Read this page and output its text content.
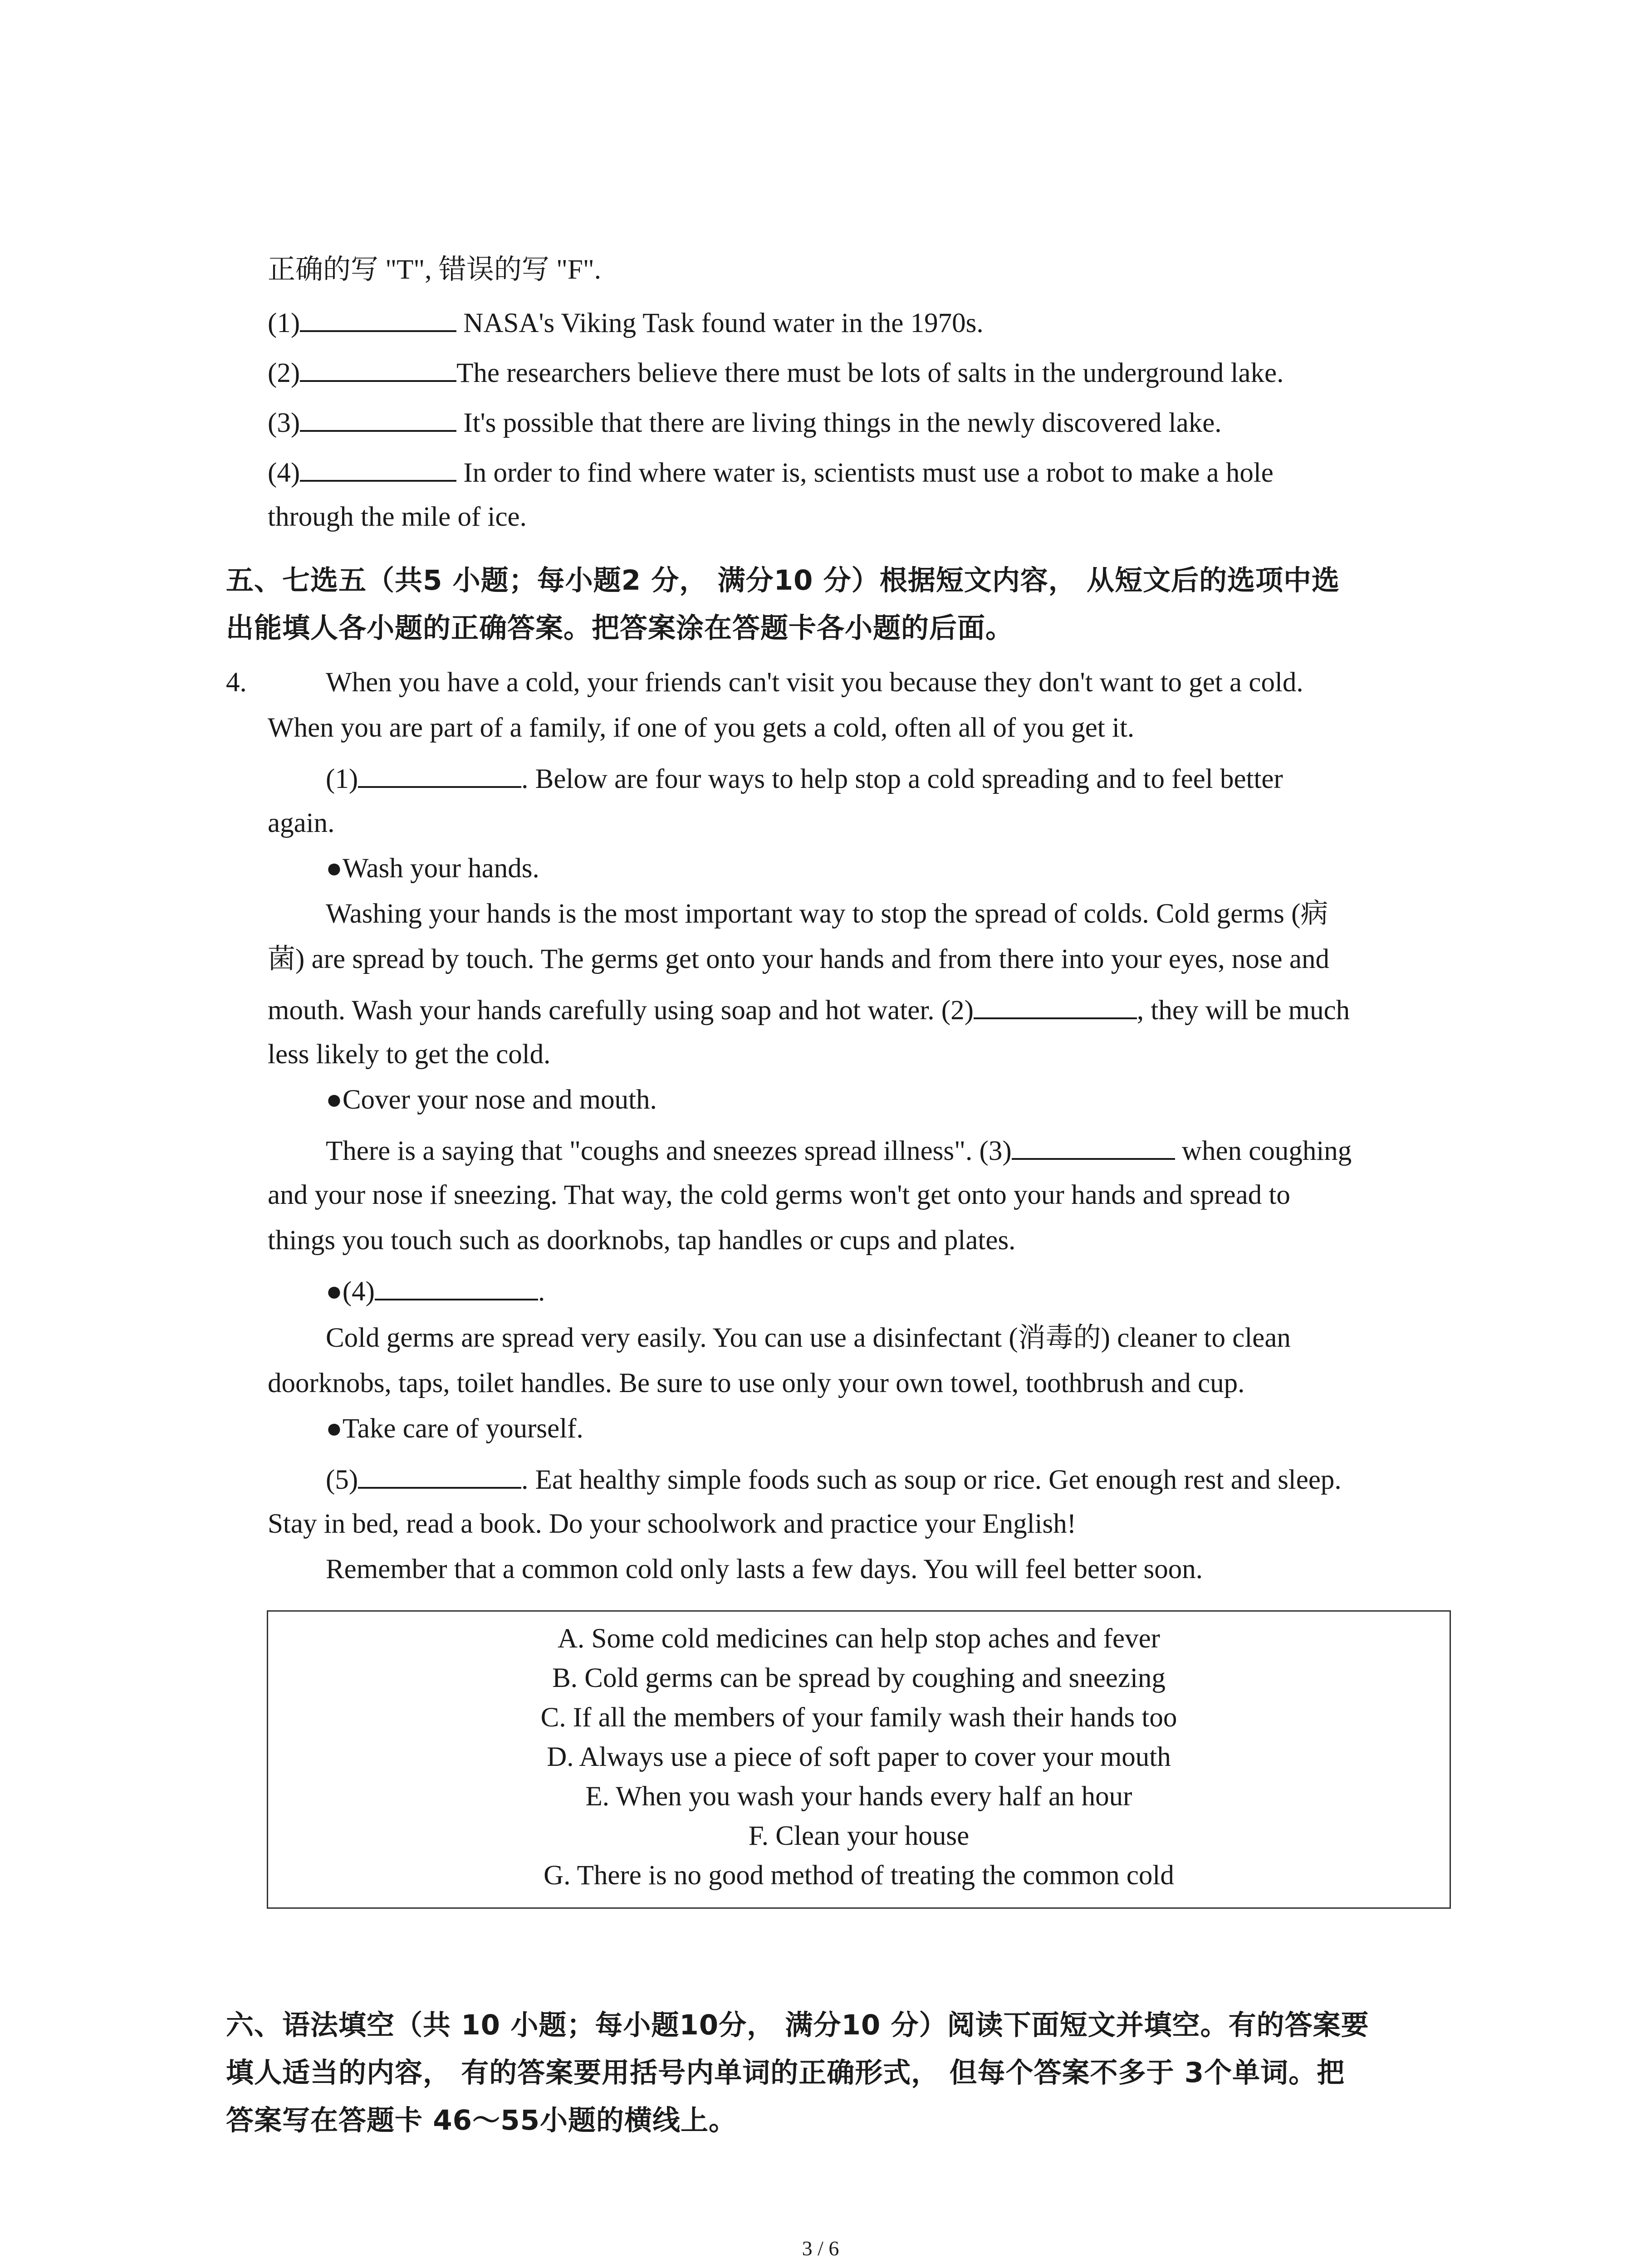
正确的写 "T", 错误的写 "F".
(1)	NASA's Viking Task found water in the 1970s.
(2)	The researchers believe there must be lots of salts in the underground lake.
(3)	It's possible that there are living things in the newly discovered lake.
(4)	In order to find where water is, scientists must use a robot to make a hole
through the mile of ice.
五、七选五（共5 小题；每小题2 分， 满分10 分）根据短文内容， 从短文后的选项中选
出能填人各小题的正确答案。把答案涂在答题卡各小题的后面。
4.	When you have a cold, your friends can't visit you because they don't want to get a cold.
When you are part of a family, if one of you gets a cold, often all of you get it.
(1)	. Below are four ways to help stop a cold spreading and to feel better
again.
●Wash your hands.
Washing your hands is the most important way to stop the spread of colds. Cold germs (病
菌) are spread by touch. The germs get onto your hands and from there into your eyes, nose and
mouth. Wash your hands carefully using soap and hot water. (2)	, they will be much
less likely to get the cold.
●Cover your nose and mouth.
There is a saying that "coughs and sneezes spread illness". (3)	when coughing
and your nose if sneezing. That way, the cold germs won't get onto your hands and spread to
things you touch such as doorknobs, tap handles or cups and plates.
●(4)	.
Cold germs are spread very easily. You can use a disinfectant (消毒的) cleaner to clean
doorknobs, taps, toilet handles. Be sure to use only your own towel, toothbrush and cup.
●Take care of yourself.
(5)	. Eat healthy simple foods such as soup or rice. Get enough rest and sleep.
Stay in bed, read a book. Do your schoolwork and practice your English!
Remember that a common cold only lasts a few days. You will feel better soon.
A. Some cold medicines can help stop aches and fever
B. Cold germs can be spread by coughing and sneezing
C. If all the members of your family wash their hands too
D. Always use a piece of soft paper to cover your mouth
E. When you wash your hands every half an hour
F. Clean your house
G. There is no good method of treating the common cold
六、语法填空（共 10 小题；每小题10分， 满分10 分）阅读下面短文并填空。有的答案要
填人适当的内容， 有的答案要用括号内单词的正确形式， 但每个答案不多于 3个单词。把
答案写在答题卡 46～55小题的横线上。
3 / 6
